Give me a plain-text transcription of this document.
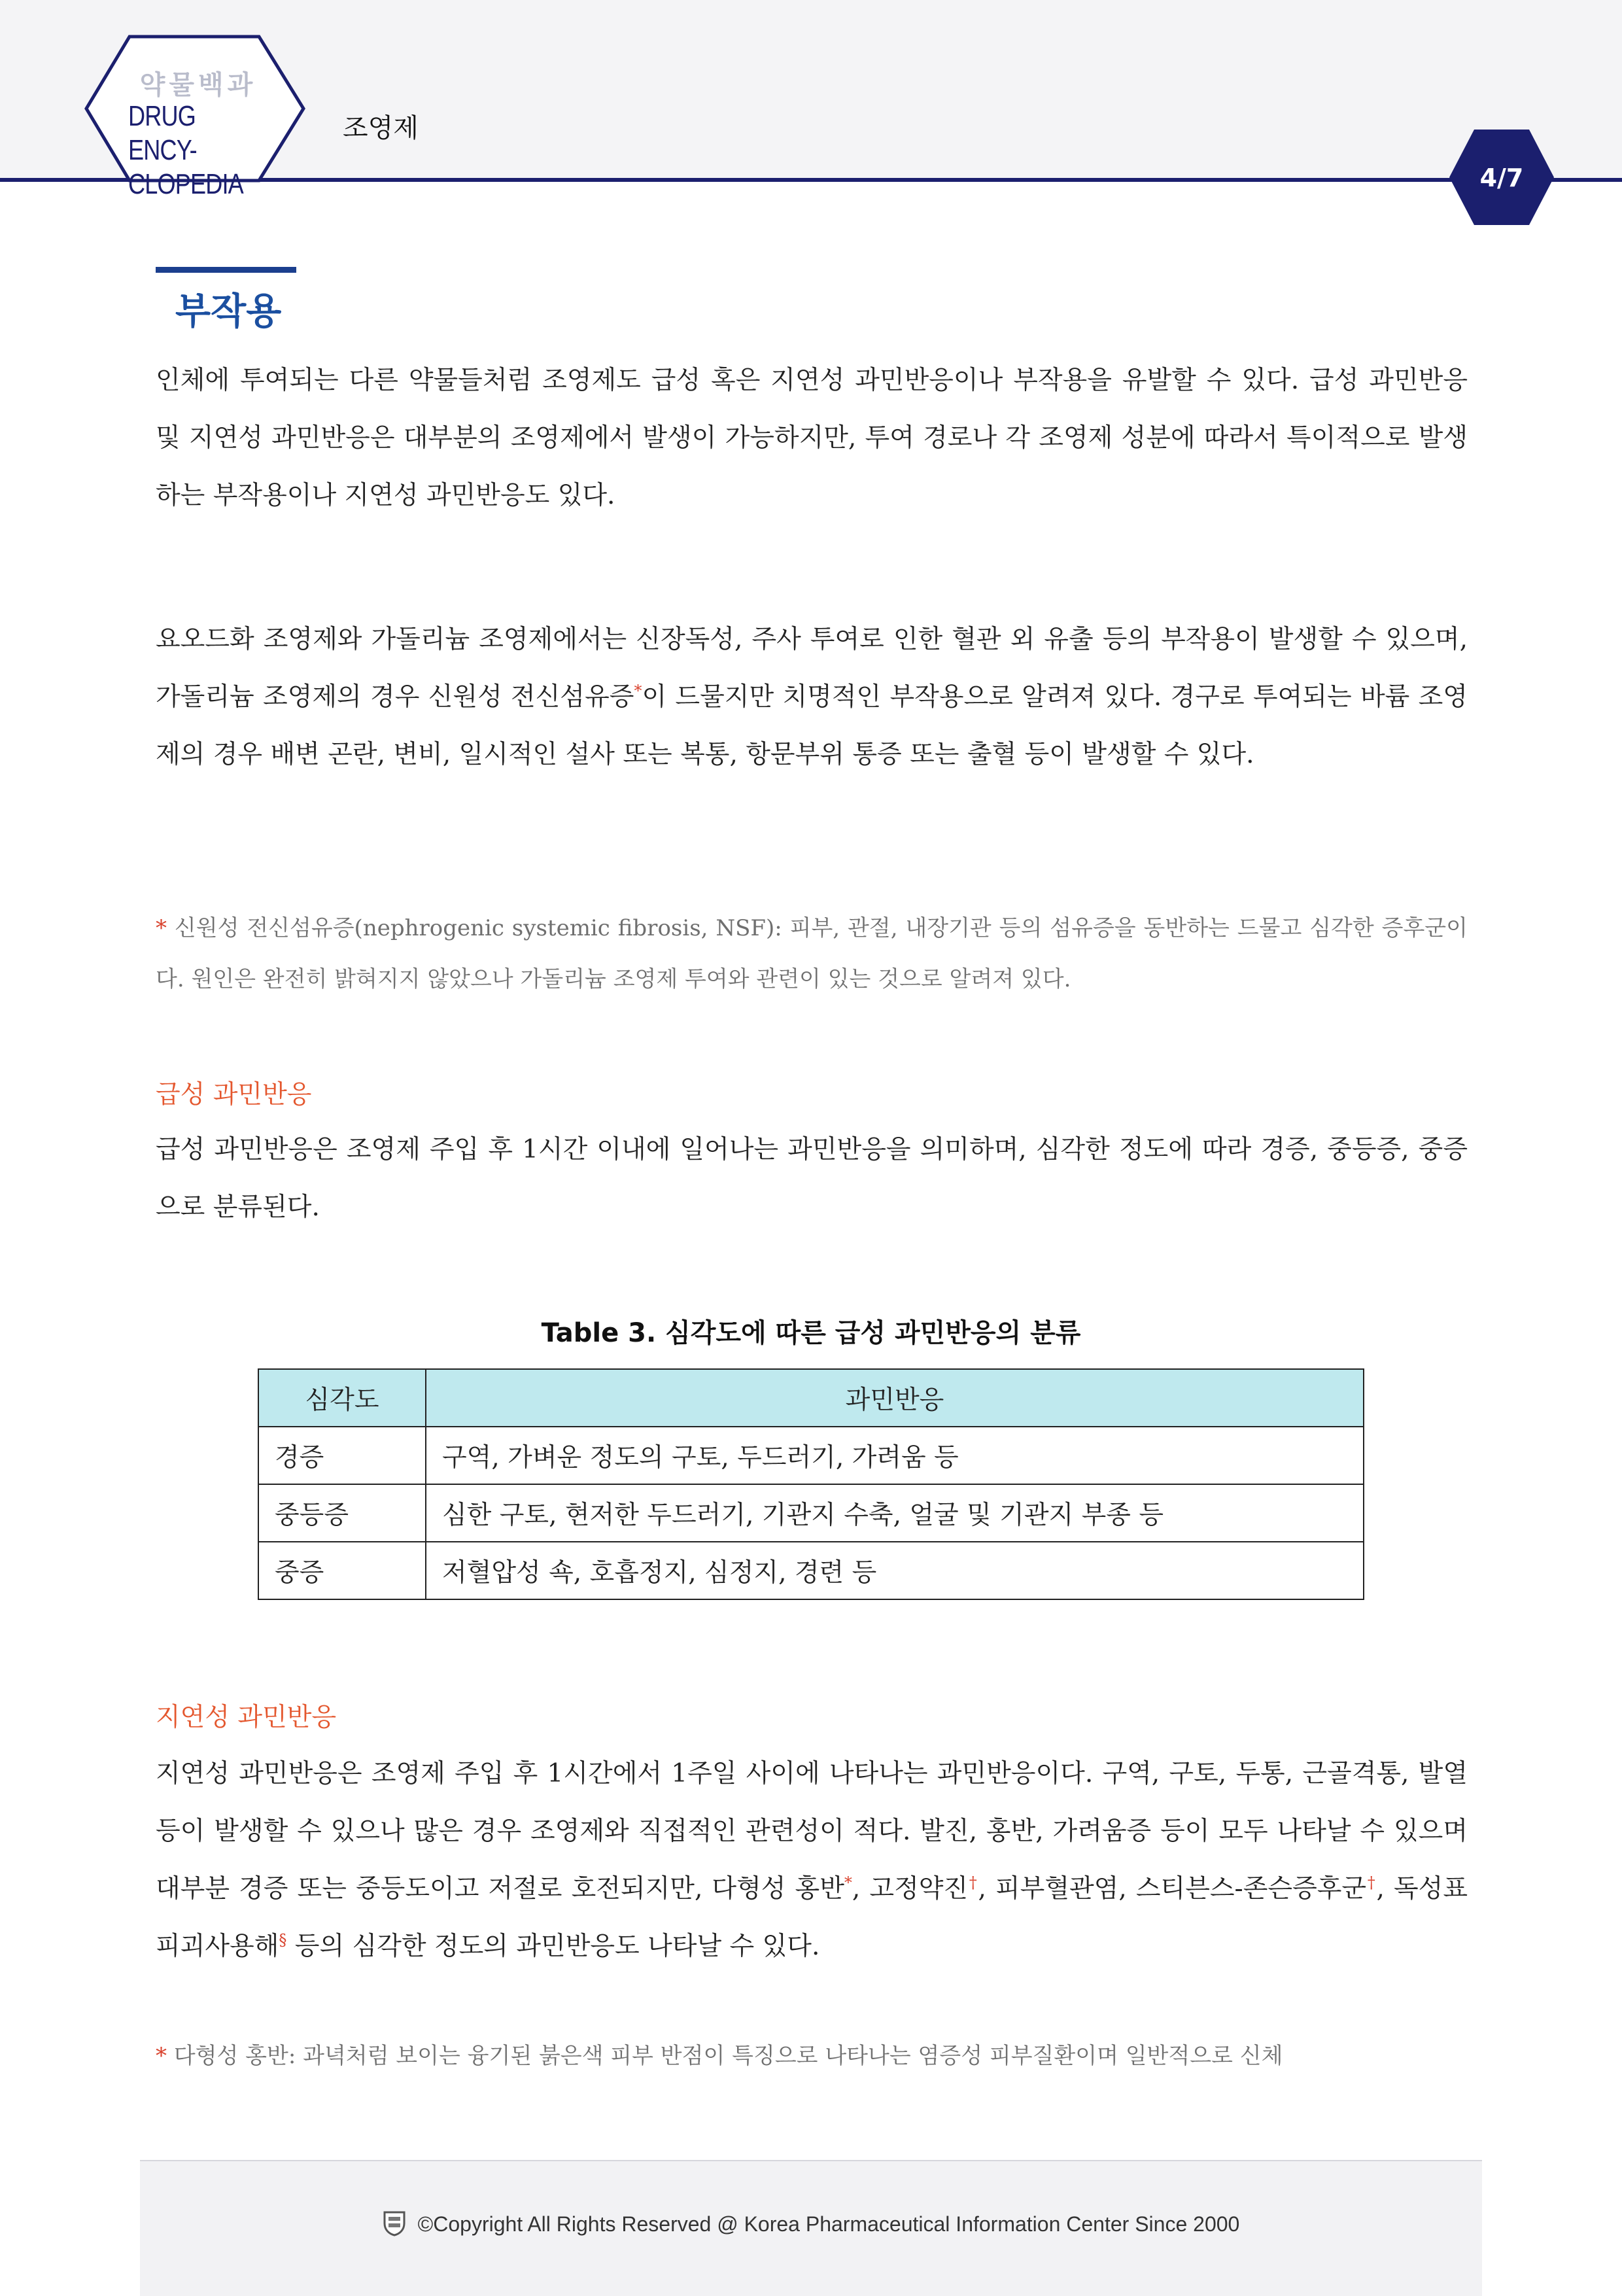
약물백과
DRUG ENCY-
CLOPEDIA
조영제
4/7
부작용
인체에 투여되는 다른 약물들처럼 조영제도 급성 혹은 지연성 과민반응이나 부작용을 유발할 수 있다. 급성 과민반응 및 지연성 과민반응은 대부분의 조영제에서 발생이 가능하지만, 투여 경로나 각 조영제 성분에 따라서 특이적으로 발생하는 부작용이나 지연성 과민반응도 있다.
요오드화 조영제와 가돌리늄 조영제에서는 신장독성, 주사 투여로 인한 혈관 외 유출 등의 부작용이 발생할 수 있으며, 가돌리늄 조영제의 경우 신원성 전신섬유증*이 드물지만 치명적인 부작용으로 알려져 있다. 경구로 투여되는 바륨 조영제의 경우 배변 곤란, 변비, 일시적인 설사 또는 복통, 항문부위 통증 또는 출혈 등이 발생할 수 있다.
* 신원성 전신섬유증(nephrogenic systemic fibrosis, NSF): 피부, 관절, 내장기관 등의 섬유증을 동반하는 드물고 심각한 증후군이다. 원인은 완전히 밝혀지지 않았으나 가돌리늄 조영제 투여와 관련이 있는 것으로 알려져 있다.
급성 과민반응
급성 과민반응은 조영제 주입 후 1시간 이내에 일어나는 과민반응을 의미하며, 심각한 정도에 따라 경증, 중등증, 중증으로 분류된다.
Table 3. 심각도에 따른 급성 과민반응의 분류
심각도	과민반응
경증	구역, 가벼운 정도의 구토, 두드러기, 가려움 등
중등증	심한 구토, 현저한 두드러기, 기관지 수축, 얼굴 및 기관지 부종 등
중증	저혈압성 쇽, 호흡정지, 심정지, 경련 등
지연성 과민반응
지연성 과민반응은 조영제 주입 후 1시간에서 1주일 사이에 나타나는 과민반응이다. 구역, 구토, 두통, 근골격통, 발열 등이 발생할 수 있으나 많은 경우 조영제와 직접적인 관련성이 적다. 발진, 홍반, 가려움증 등이 모두 나타날 수 있으며 대부분 경증 또는 중등도이고 저절로 호전되지만, 다형성 홍반*, 고정약진†, 피부혈관염, 스티븐스-존슨증후군†, 독성표피괴사용해§ 등의 심각한 정도의 과민반응도 나타날 수 있다.
* 다형성 홍반: 과녁처럼 보이는 융기된 붉은색 피부 반점이 특징으로 나타나는 염증성 피부질환이며 일반적으로 신체
©Copyright All Rights Reserved @ Korea Pharmaceutical Information Center Since 2000
